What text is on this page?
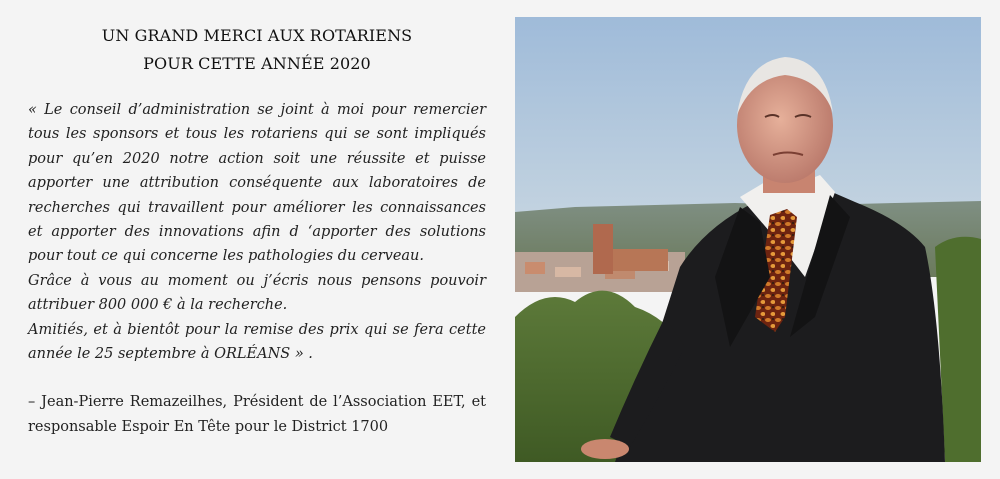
UN GRAND MERCI AUX ROTARIENS
POUR CETTE ANNÉE 2020

« Le conseil d’administration se joint à moi pour remercier tous les sponsors et tous les rotariens qui se sont impliqués pour qu’en 2020 notre action soit une réussite et puisse apporter une attribution conséquente aux laboratoires de recherches qui travaillent pour améliorer les connaissances et apporter des innovations afin d ‘apporter des solutions pour tout ce qui concerne les pathologies du cerveau.

Grâce à vous au moment ou j’écris nous pensons pouvoir attribuer 800 000 € à la recherche.

Amitiés, et à bientôt pour la remise des prix qui se fera cette année le 25 septembre à ORLÉANS » .

– Jean-Pierre Remazeilhes, Président de l’Association EET, et responsable Espoir En Tête pour le District 1700
